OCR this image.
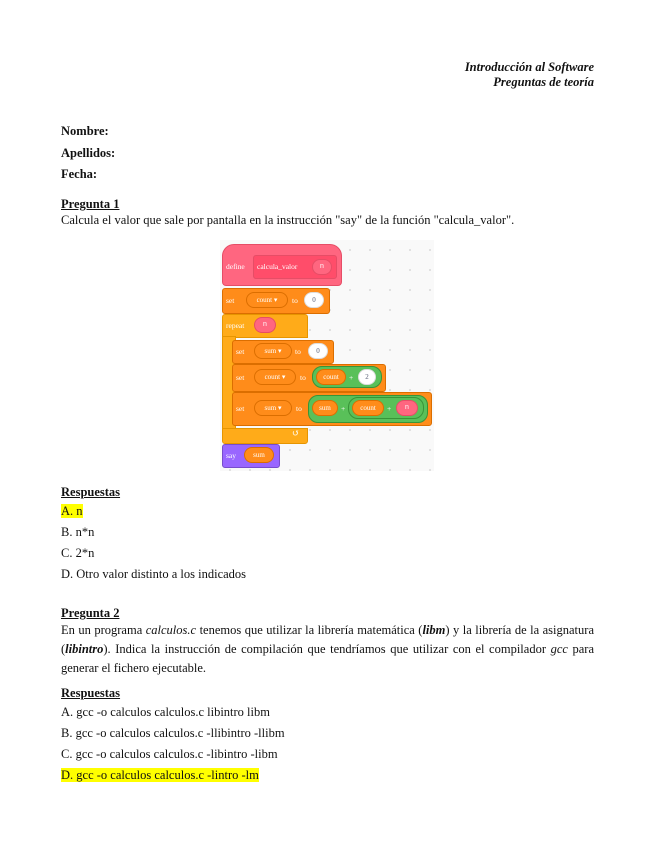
Introducción al Software
Preguntas de teoría
Nombre:
Apellidos:
Fecha:
Pregunta 1
Calcula el valor que sale por pantalla en la instrucción "say" de la función "calcula_valor".
define calcula_valor	n
set	count ▾	to	0
repeat	n
↺
set	sum ▾	to	0
set	count ▾	to	count	+	2
set	sum ▾	to	sum	+	count	+	n
say	sum
Respuestas
A. n
B. n*n
C. 2*n
D. Otro valor distinto a los indicados
Pregunta 2
En un programa calculos.c tenemos que utilizar la librería matemática (libm) y la librería de la asignatura (libintro). Indica la instrucción de compilación que tendríamos que utilizar con el compilador gcc para generar el fichero ejecutable.
Respuestas
A. gcc -o calculos calculos.c libintro libm
B. gcc -o calculos calculos.c -llibintro -llibm
C. gcc -o calculos calculos.c -libintro -libm
D. gcc -o calculos calculos.c -lintro -lm
